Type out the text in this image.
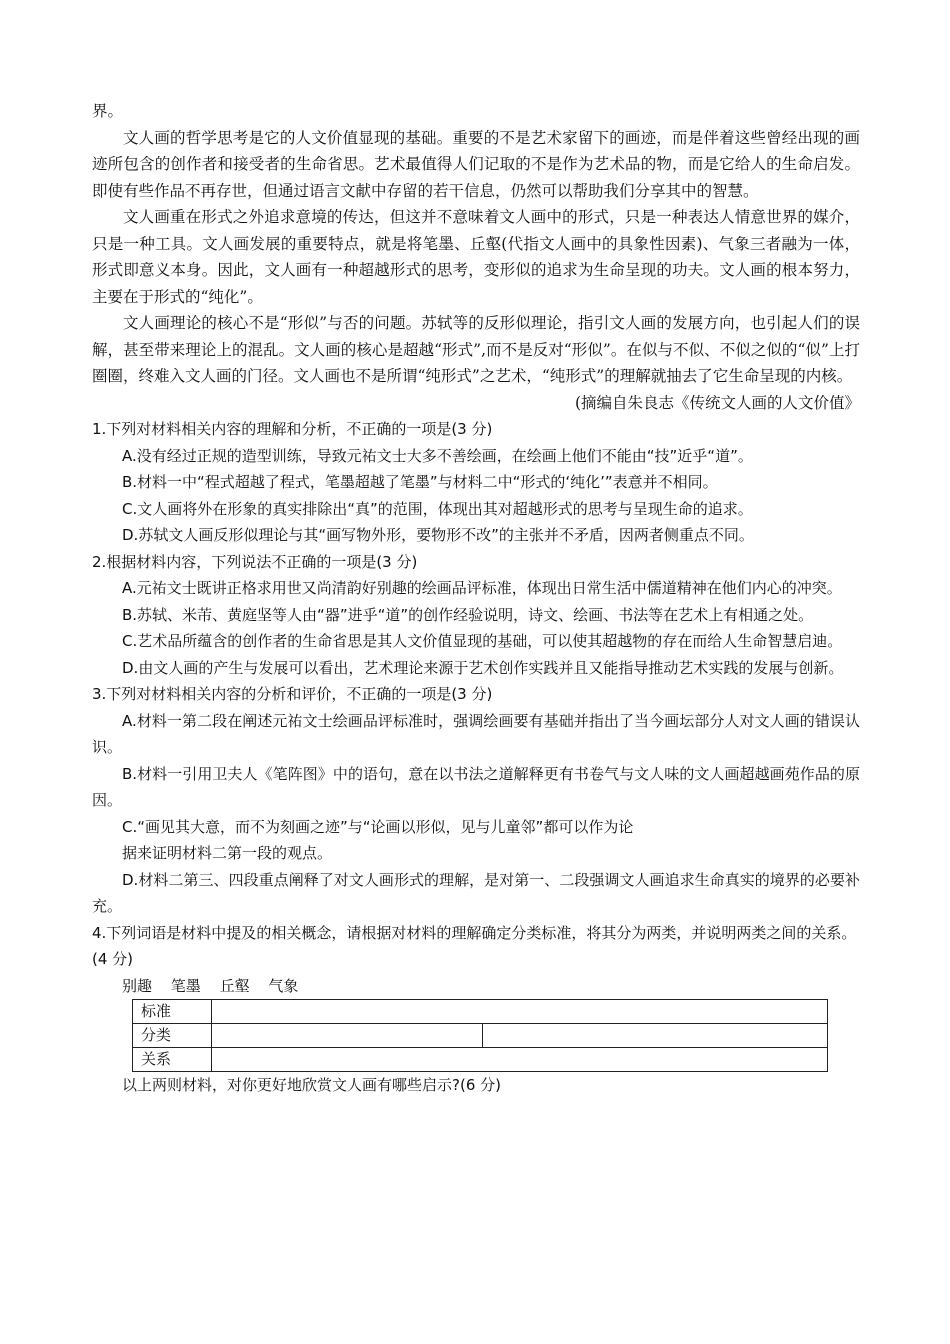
界。

文人画的哲学思考是它的人文价值显现的基础。重要的不是艺术家留下的画迹，而是伴着这些曾经出现的画迹所包含的创作者和接受者的生命省思。艺术最值得人们记取的不是作为艺术品的物，而是它给人的生命启发。即使有些作品不再存世，但通过语言文献中存留的若干信息，仍然可以帮助我们分享其中的智慧。

文人画重在形式之外追求意境的传达，但这并不意味着文人画中的形式，只是一种表达人情意世界的媒介，只是一种工具。文人画发展的重要特点，就是将笔墨、丘壑(代指文人画中的具象性因素)、气象三者融为一体，形式即意义本身。因此，文人画有一种超越形式的思考，变形似的追求为生命呈现的功夫。文人画的根本努力，主要在于形式的“纯化”。

文人画理论的核心不是“形似”与否的问题。苏轼等的反形似理论，指引文人画的发展方向，也引起人们的误解，甚至带来理论上的混乱。文人画的核心是超越“形式”,而不是反对“形似”。在似与不似、不似之似的“似”上打圈圈，终难入文人画的门径。文人画也不是所谓“纯形式”之艺术，“纯形式”的理解就抽去了它生命呈现的内核。

(摘编自朱良志《传统文人画的人文价值》

1.下列对材料相关内容的理解和分析，不正确的一项是(3 分)

A.没有经过正规的造型训练，导致元祐文士大多不善绘画，在绘画上他们不能由“技”近乎“道”。

B.材料一中“程式超越了程式，笔墨超越了笔墨”与材料二中“形式的‘纯化’”表意并不相同。

C.文人画将外在形象的真实排除出“真”的范围，体现出其对超越形式的思考与呈现生命的追求。

D.苏轼文人画反形似理论与其“画写物外形，要物形不改”的主张并不矛盾，因两者侧重点不同。

2.根据材料内容，下列说法不正确的一项是(3 分)

A.元祐文士既讲正格求用世又尚清韵好别趣的绘画品评标准，体现出日常生活中儒道精神在他们内心的冲突。

B.苏轼、米芾、黄庭坚等人由“器”进乎“道”的创作经验说明，诗文、绘画、书法等在艺术上有相通之处。

C.艺术品所蕴含的创作者的生命省思是其人文价值显现的基础，可以使其超越物的存在而给人生命智慧启迪。

D.由文人画的产生与发展可以看出，艺术理论来源于艺术创作实践并且又能指导推动艺术实践的发展与创新。

3.下列对材料相关内容的分析和评价，不正确的一项是(3 分)

A.材料一第二段在阐述元祐文士绘画品评标准时，强调绘画要有基础并指出了当今画坛部分人对文人画的错误认识。

B.材料一引用卫夫人《笔阵图》中的语句，意在以书法之道解释更有书卷气与文人味的文人画超越画苑作品的原因。

C.“画见其大意，而不为刻画之迹”与“论画以形似，见与儿童邻”都可以作为论

据来证明材料二第一段的观点。

D.材料二第三、四段重点阐释了对文人画形式的理解，是对第一、二段强调文人画追求生命真实的境界的必要补充。

4.下列词语是材料中提及的相关概念，请根据对材料的理解确定分类标准，将其分为两类，并说明两类之间的关系。(4 分)

别趣 笔墨 丘壑 气象

标准		
分类		
关系		

以上两则材料，对你更好地欣赏文人画有哪些启示?(6 分)
